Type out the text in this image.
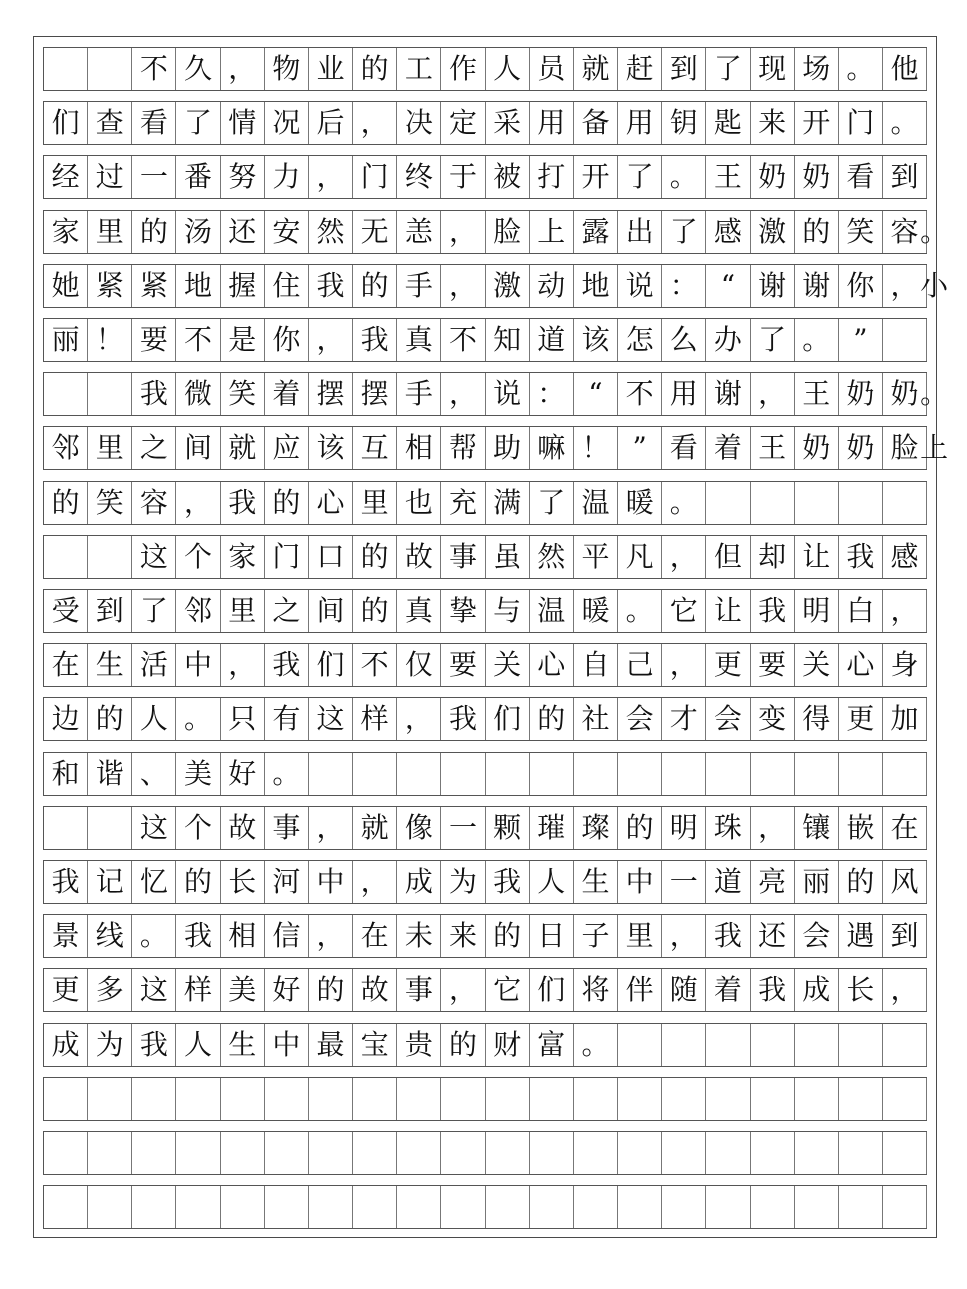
不 久 ， 物 业 的 工 作 人 员 就 赶 到 了 现 场 。 他
们 查 看 了 情 况 后 ， 决 定 采 用 备 用 钥 匙 来 开 门 。
经 过 一 番 努 力 ， 门 终 于 被 打 开 了 。 王 奶 奶 看 到
家 里 的 汤 还 安 然 无 恙 ， 脸 上 露 出 了 感 激 的 笑 容 。
她 紧 紧 地 握 住 我 的 手 ， 激 动 地 说 ： “ 谢 谢 你 ， 小
丽 ！ 要 不 是 你 ， 我 真 不 知 道 该 怎 么 办 了 。 ”
我 微 笑 着 摆 摆 手 ， 说 ： “ 不 用 谢 ， 王 奶 奶 。
邻 里 之 间 就 应 该 互 相 帮 助 嘛 ！ ” 看 着 王 奶 奶 脸 上
的 笑 容 ， 我 的 心 里 也 充 满 了 温 暖 。
这 个 家 门 口 的 故 事 虽 然 平 凡 ， 但 却 让 我 感
受 到 了 邻 里 之 间 的 真 挚 与 温 暖 。 它 让 我 明 白 ，
在 生 活 中 ， 我 们 不 仅 要 关 心 自 己 ， 更 要 关 心 身
边 的 人 。 只 有 这 样 ， 我 们 的 社 会 才 会 变 得 更 加
和 谐 、 美 好 。
这 个 故 事 ， 就 像 一 颗 璀 璨 的 明 珠 ， 镶 嵌 在
我 记 忆 的 长 河 中 ， 成 为 我 人 生 中 一 道 亮 丽 的 风
景 线 。 我 相 信 ， 在 未 来 的 日 子 里 ， 我 还 会 遇 到
更 多 这 样 美 好 的 故 事 ， 它 们 将 伴 随 着 我 成 长 ，
成 为 我 人 生 中 最 宝 贵 的 财 富 。
